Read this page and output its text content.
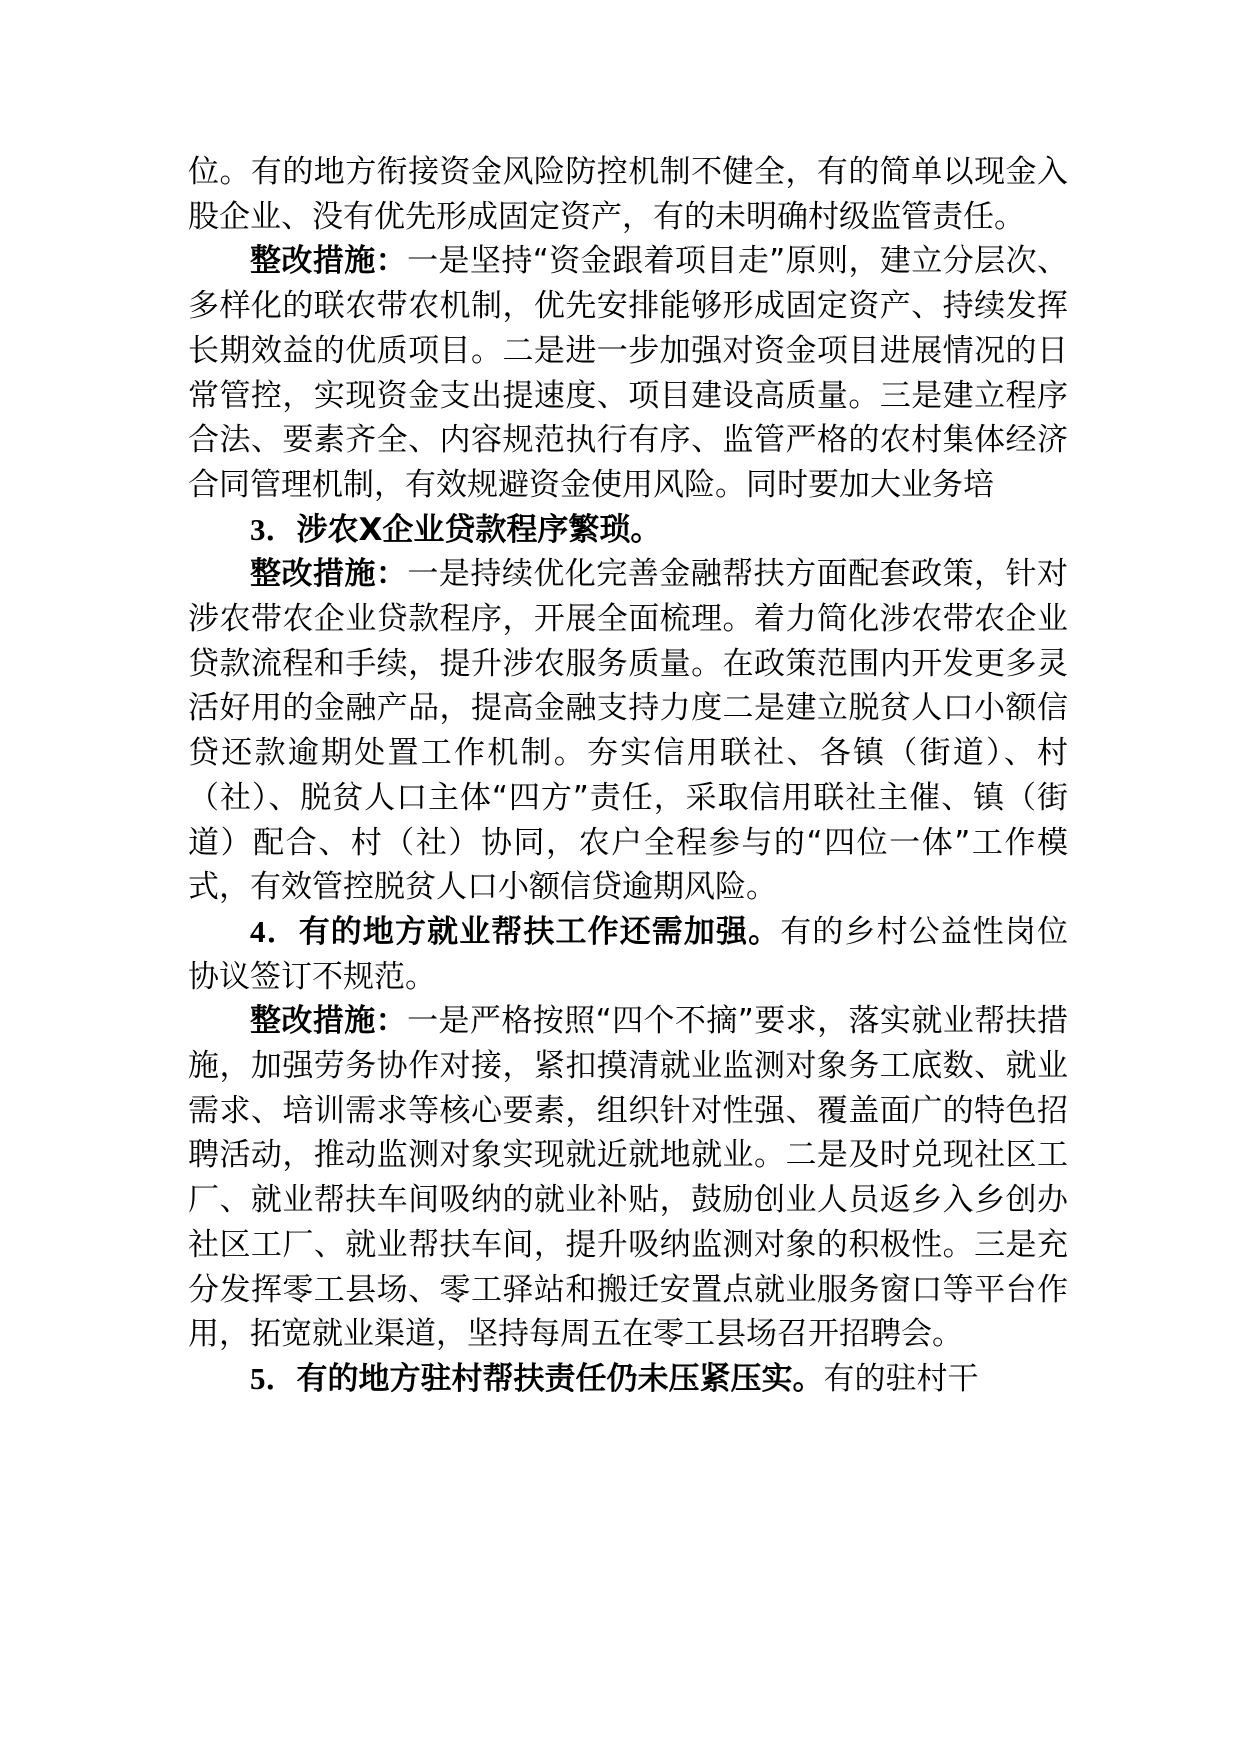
位。有的地方衔接资金风险防控机制不健全，有的简单以现金入股企业、没有优先形成固定资产，有的未明确村级监管责任。

整改措施：一是坚持“资金跟着项目走”原则，建立分层次、多样化的联农带农机制，优先安排能够形成固定资产、持续发挥长期效益的优质项目。二是进一步加强对资金项目进展情况的日常管控，实现资金支出提速度、项目建设高质量。三是建立程序合法、要素齐全、内容规范执行有序、监管严格的农村集体经济合同管理机制，有效规避资金使用风险。同时要加大业务培

3．涉农X企业贷款程序繁琐。

整改措施：一是持续优化完善金融帮扶方面配套政策，针对涉农带农企业贷款程序，开展全面梳理。着力简化涉农带农企业贷款流程和手续，提升涉农服务质量。在政策范围内开发更多灵活好用的金融产品，提高金融支持力度二是建立脱贫人口小额信贷还款逾期处置工作机制。夯实信用联社、各镇（街道）、村（社）、脱贫人口主体“四方”责任，采取信用联社主催、镇（街道）配合、村（社）协同，农户全程参与的“四位一体”工作模式，有效管控脱贫人口小额信贷逾期风险。

4．有的地方就业帮扶工作还需加强。有的乡村公益性岗位协议签订不规范。

整改措施：一是严格按照“四个不摘”要求，落实就业帮扶措施，加强劳务协作对接，紧扣摸清就业监测对象务工底数、就业需求、培训需求等核心要素，组织针对性强、覆盖面广的特色招聘活动，推动监测对象实现就近就地就业。二是及时兑现社区工厂、就业帮扶车间吸纳的就业补贴，鼓励创业人员返乡入乡创办社区工厂、就业帮扶车间，提升吸纳监测对象的积极性。三是充分发挥零工县场、零工驿站和搬迁安置点就业服务窗口等平台作用，拓宽就业渠道，坚持每周五在零工县场召开招聘会。

5．有的地方驻村帮扶责任仍未压紧压实。有的驻村干
